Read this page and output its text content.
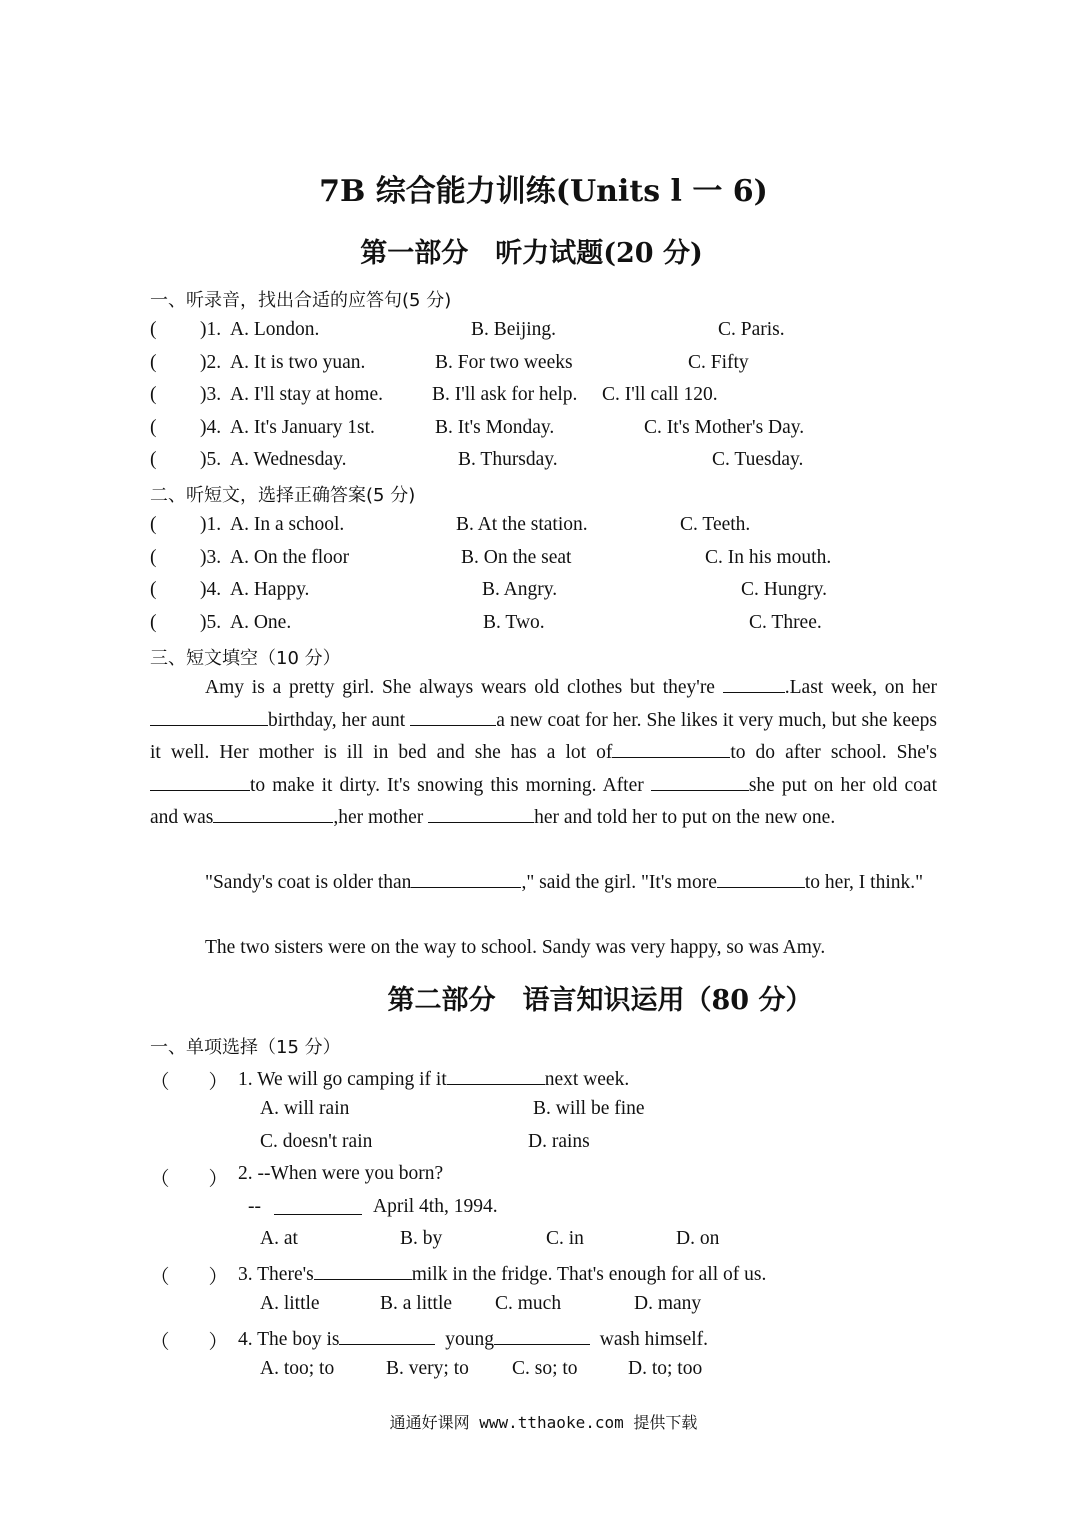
7B 综合能力训练(Units l 一 6)
第一部分　听力试题(20 分)
一、听录音，找出合适的应答句(5 分)
( )1. A. London.	B. Beijing.	C. Paris.
( )2. A. It is two yuan.	B. For two weeks	C. Fifty
( )3. A. I'll stay at home.	B. I'll ask for help. C. I'll call 120.
( )4. A. It's January 1st.	B. It's Monday.	C. It's Mother's Day.
( )5. A. Wednesday.	B. Thursday.	C. Tuesday.
二、听短文，选择正确答案(5 分)
( )1. A. In a school.	B. At the station.	C. Teeth.
( )3. A. On the floor	B. On the seat	C. In his mouth.
( )4. A. Happy.	B. Angry.	C. Hungry.
( )5. A. One.	B. Two.	C. Three.
三、短文填空（10 分）
Amy is a pretty girl. She always wears old clothes but they're	.Last week, on herbirthday, her aunt	a new coat for her. She likes it very much, but she keeps it well. Her mother is ill in bed and she has a lot of	to do after school. She'sto make it dirty. It's snowing this morning. After	she put on her old coat and was	,her mother	her and told her to put on the new one.
"Sandy's coat is older than	," said the girl. "It's more	to her, I think."
The two sisters were on the way to school. Sandy was very happy, so was Amy.
第二部分　语言知识运用（80 分）
一、单项选择（15 分）
（　　） 1. We will go camping if it	next week.
A. will rain	B. will be fine
C. doesn't rain	D. rains
（　　） 2. --When were you born?
--	April 4th, 1994.
A. at	B. by	C. in	D. on
（　　） 3. There's	milk in the fridge. That's enough for all of us.
A. little	B. a little C. much	D. many
（　　） 4. The boy is	young	wash himself.
A. too; to	B. very; to C. so; to	D. to; too
通通好课网 www.tthaoke.com 提供下载
